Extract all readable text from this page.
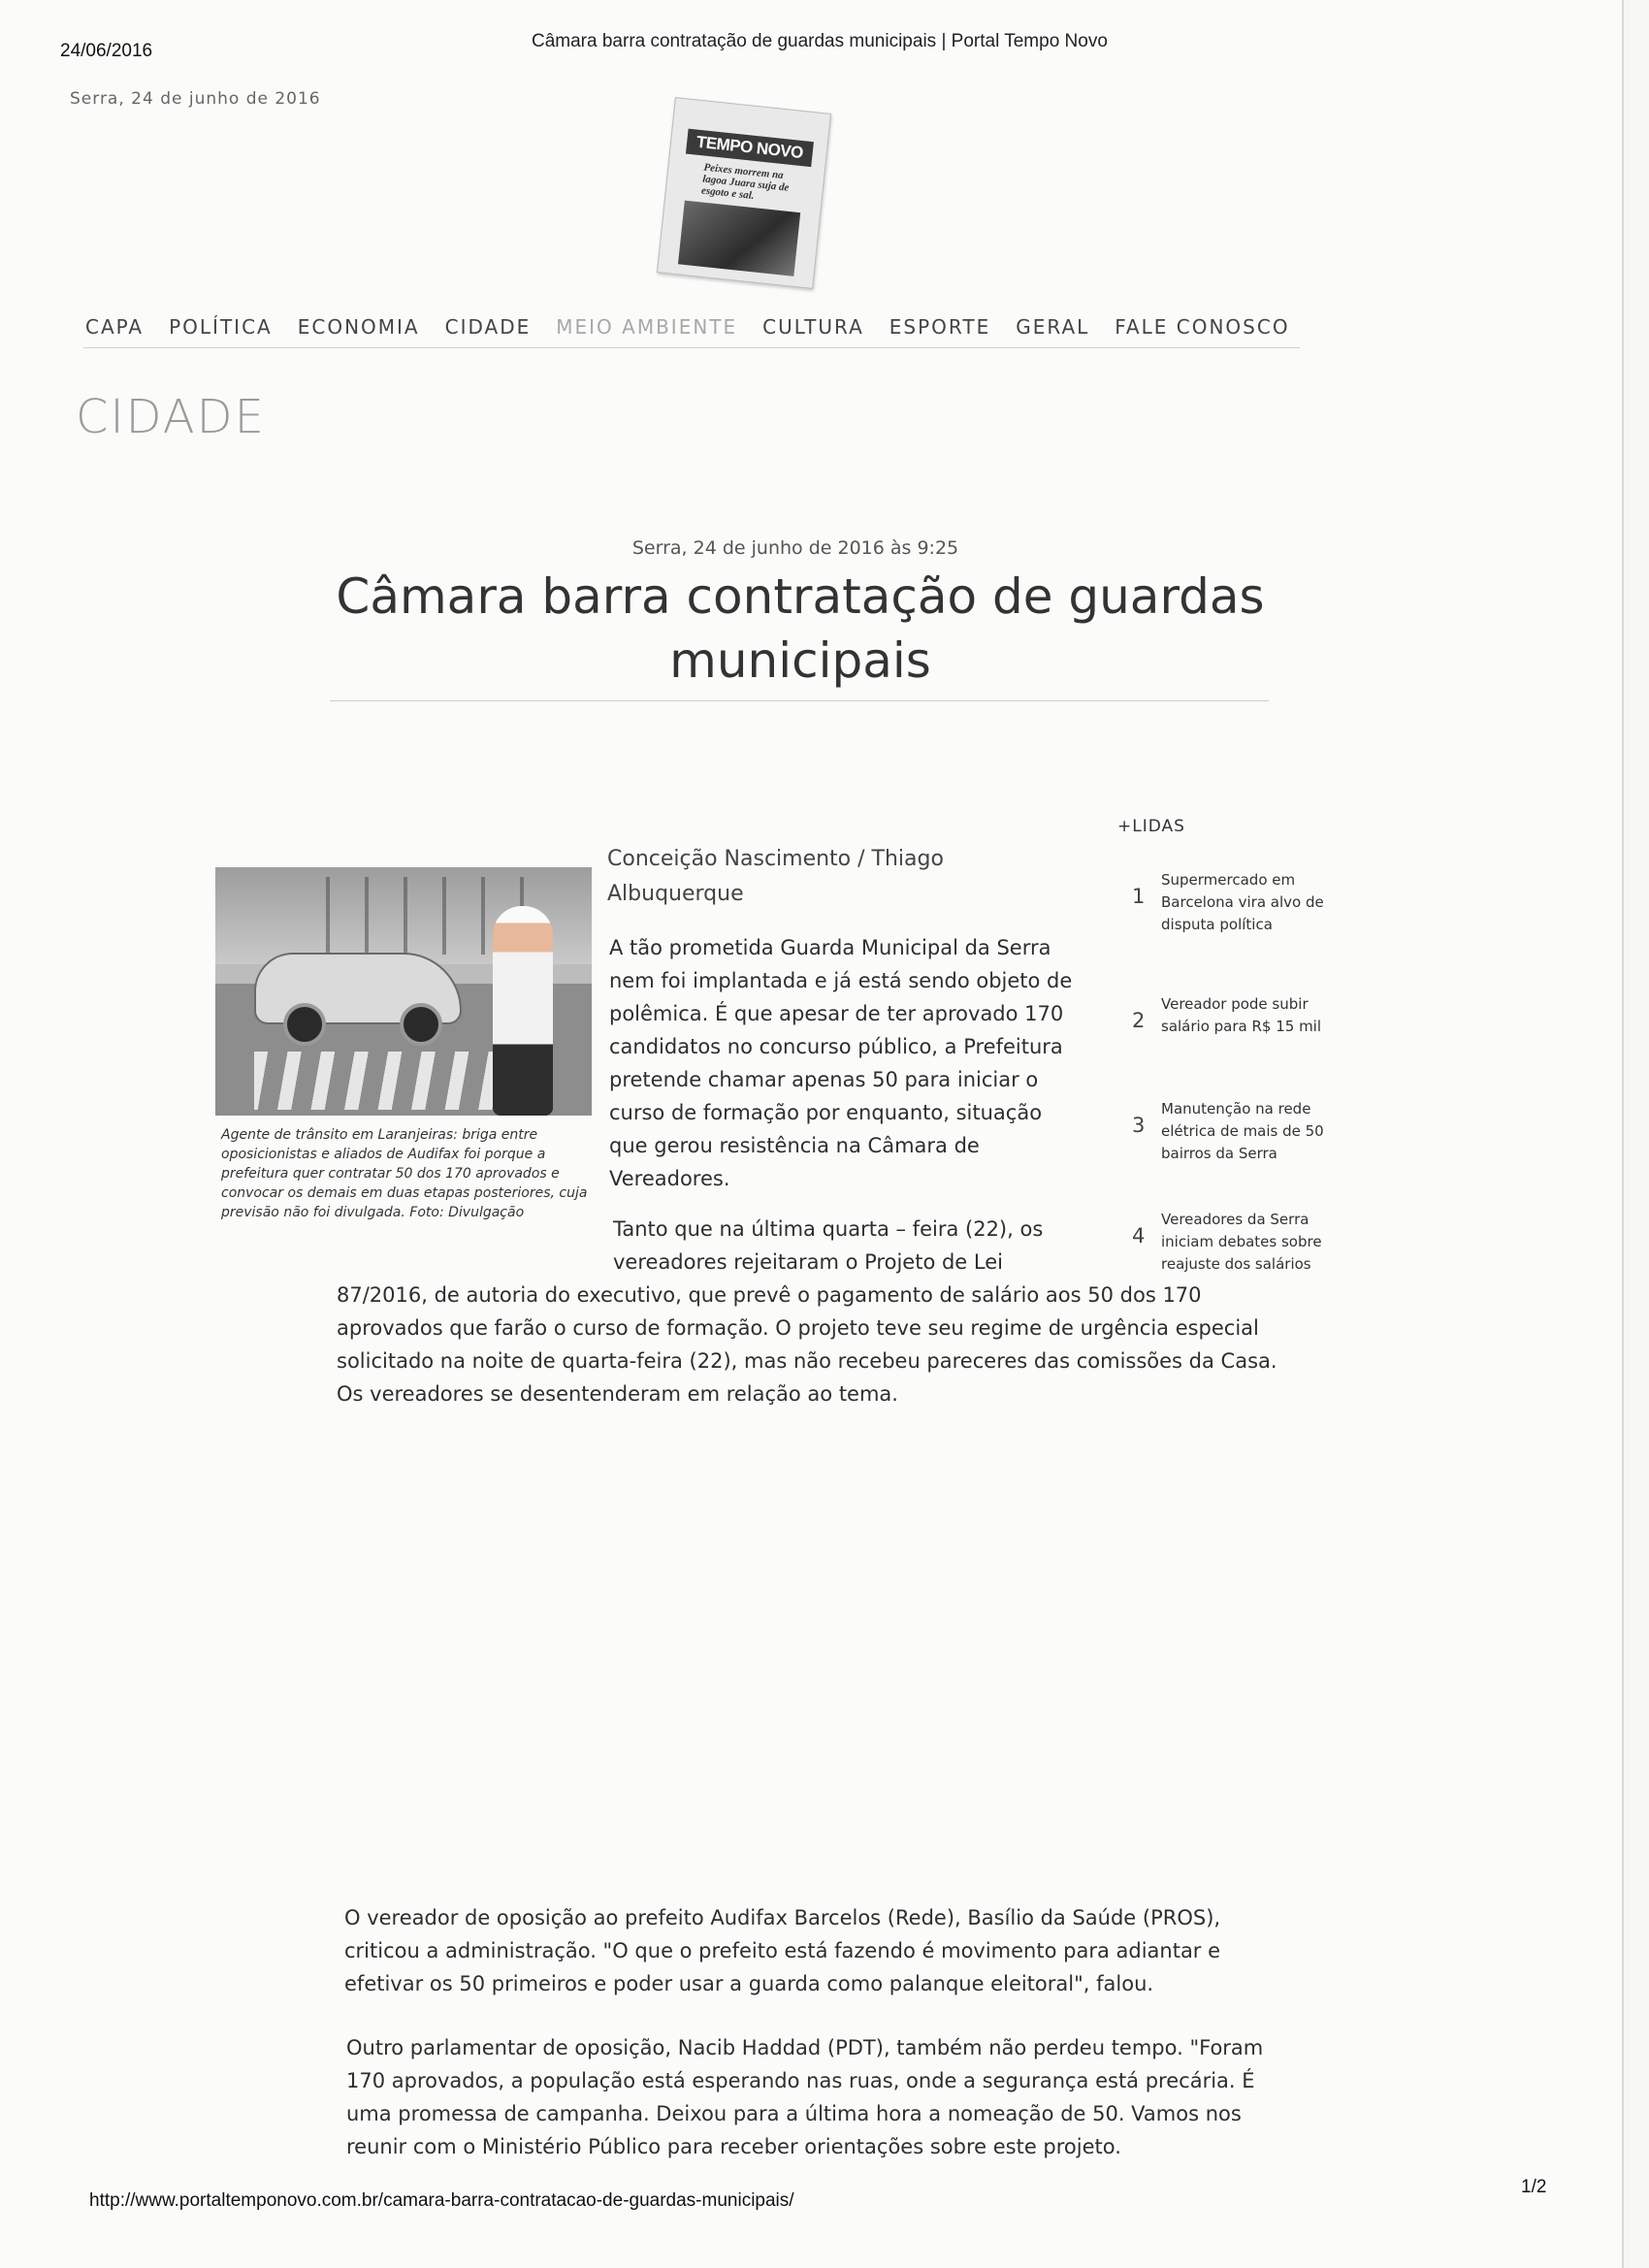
24/06/2016	Câmara barra contratação de guardas municipais | Portal Tempo Novo
Serra, 24 de junho de 2016
TEMPO NOVO
Peixes morrem na lagoa Juara suja de esgoto e sal.
CAPA POLÍTICA ECONOMIA CIDADE MEIO AMBIENTE CULTURA ESPORTE GERAL FALE CONOSCO
CIDADE
Serra, 24 de junho de 2016 às 9:25
Câmara barra contratação de guardas municipais
Agente de trânsito em Laranjeiras: briga entre oposicionistas e aliados de Audifax foi porque a prefeitura quer contratar 50 dos 170 aprovados e convocar os demais em duas etapas posteriores, cuja previsão não foi divulgada. Foto: Divulgação
Conceição Nascimento / Thiago Albuquerque

A tão prometida Guarda Municipal da Serra nem foi implantada e já está sendo objeto de polêmica. É que apesar de ter aprovado 170 candidatos no concurso público, a Prefeitura pretende chamar apenas 50 para iniciar o curso de formação por enquanto, situação que gerou resistência na Câmara de Vereadores.

Tanto que na última quarta – feira (22), os vereadores rejeitaram o Projeto de Lei

87/2016, de autoria do executivo, que prevê o pagamento de salário aos 50 dos 170 aprovados que farão o curso de formação. O projeto teve seu regime de urgência especial solicitado na noite de quarta-feira (22), mas não recebeu pareceres das comissões da Casa. Os vereadores se desentenderam em relação ao tema.

O vereador de oposição ao prefeito Audifax Barcelos (Rede), Basílio da Saúde (PROS), criticou a administração. "O que o prefeito está fazendo é movimento para adiantar e efetivar os 50 primeiros e poder usar a guarda como palanque eleitoral", falou.

Outro parlamentar de oposição, Nacib Haddad (PDT), também não perdeu tempo. "Foram 170 aprovados, a população está esperando nas ruas, onde a segurança está precária. É uma promessa de campanha. Deixou para a última hora a nomeação de 50. Vamos nos reunir com o Ministério Público para receber orientações sobre este projeto.

+LIDAS
1
Supermercado em Barcelona vira alvo de disputa política
2
Vereador pode subir salário para R$ 15 mil
3
Manutenção na rede elétrica de mais de 50 bairros da Serra
4
Vereadores da Serra iniciam debates sobre reajuste dos salários
http://www.portaltemponovo.com.br/camara-barra-contratacao-de-guardas-municipais/
1/2
